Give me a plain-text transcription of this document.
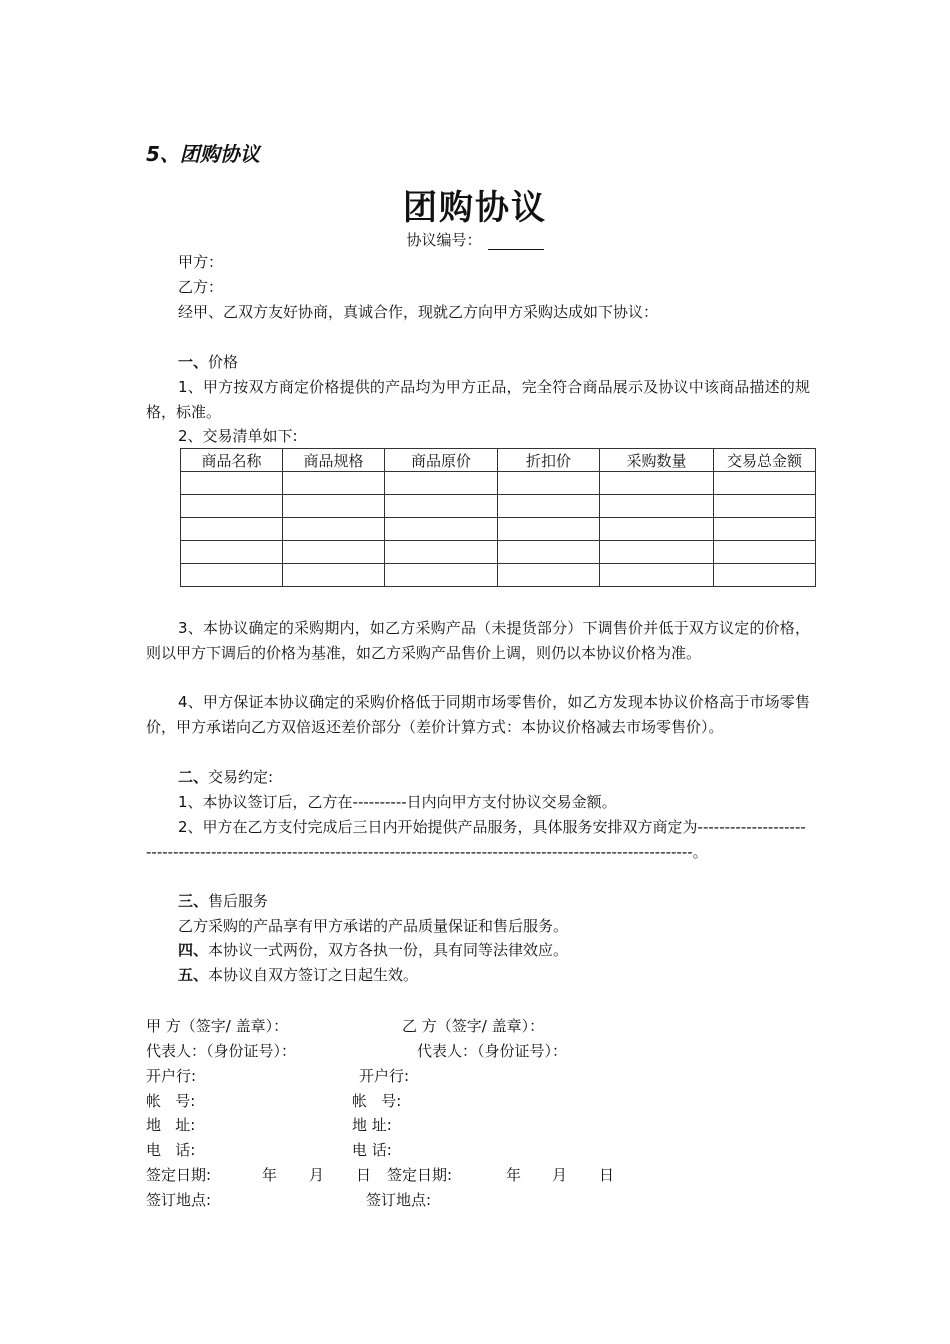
5、团购协议
团购协议
协议编号：
甲方：
乙方：
经甲、乙双方友好协商，真诚合作，现就乙方向甲方采购达成如下协议：
一、价格
1、甲方按双方商定价格提供的产品均为甲方正品，完全符合商品展示及协议中该商品描述的规格，标准。
2、交易清单如下:
商品名称	商品规格	商品原价	折扣价	采购数量	交易总金额

3、本协议确定的采购期内，如乙方采购产品（未提货部分）下调售价并低于双方议定的价格，则以甲方下调后的价格为基准，如乙方采购产品售价上调，则仍以本协议价格为准。
4、甲方保证本协议确定的采购价格低于同期市场零售价，如乙方发现本协议价格高于市场零售价，甲方承诺向乙方双倍返还差价部分（差价计算方式：本协议价格减去市场零售价）。
二、交易约定:
1、本协议签订后，乙方在----------日内向甲方支付协议交易金额。
2、甲方在乙方支付完成后三日内开始提供产品服务，具体服务安排双方商定为-------------------------------------------------------------------------------------------------------------------------。
三、售后服务
乙方采购的产品享有甲方承诺的产品质量保证和售后服务。
四、本协议一式两份，双方各执一份，具有同等法律效应。
五、本协议自双方签订之日起生效。
甲 方（签字/ 盖章）：	乙 方（签字/ 盖章）：
代表人：（身份证号）：	代表人：（身份证号）：
开户行:	开户行:
帐   号:	帐   号:
地   址:	地 址:
电   话:	电 话:
签定日期:	年 月 日 签定日期:	年 月 日
签订地点:	签订地点:
